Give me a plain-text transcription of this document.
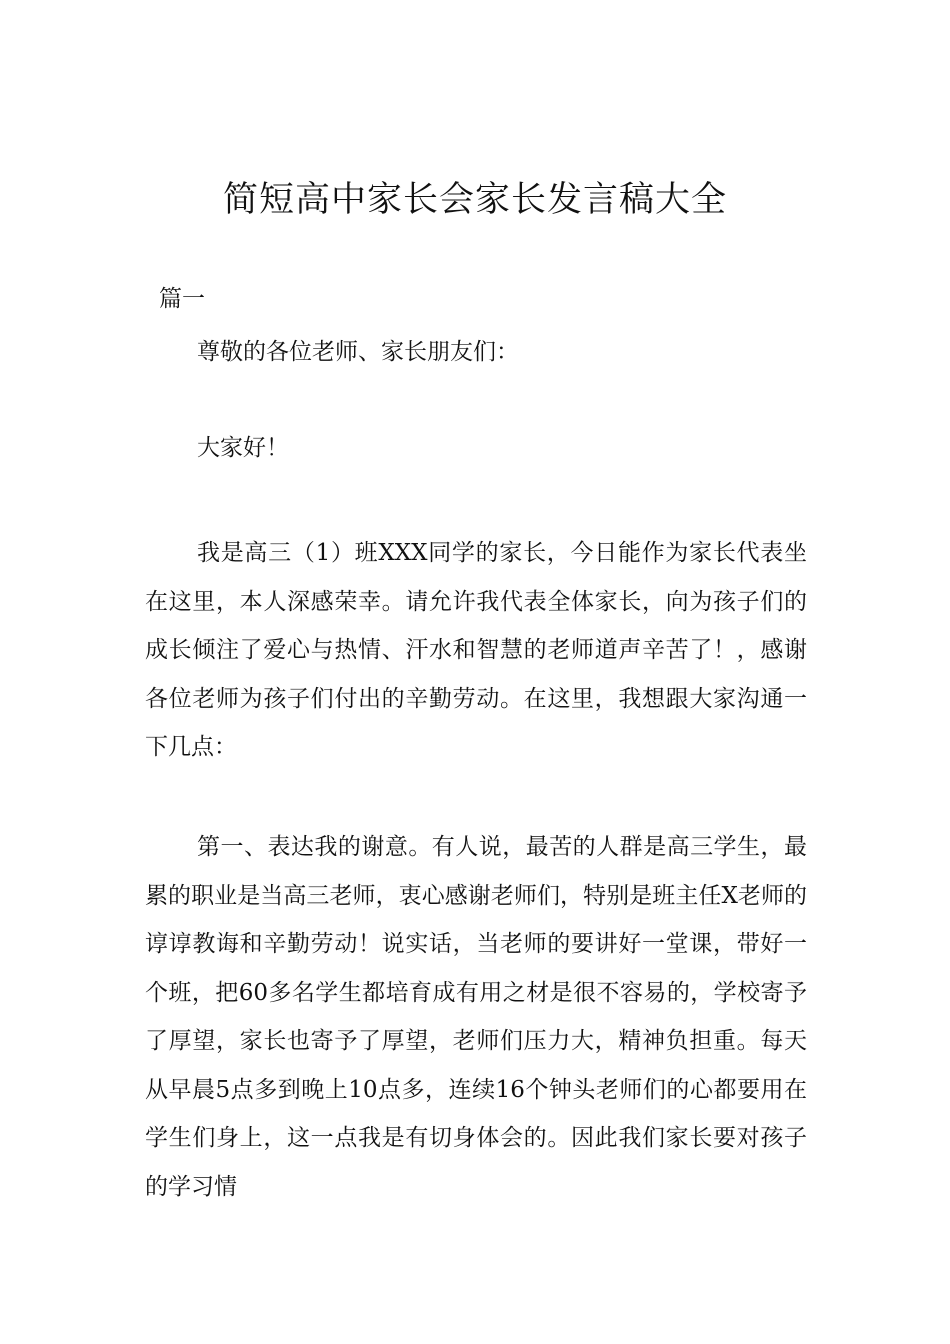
简短高中家长会家长发言稿大全
篇一
尊敬的各位老师、家长朋友们：
大家好！

我是高三（1）班XXX同学的家长，今日能作为家长代表坐在这里，本人深感荣幸。请允许我代表全体家长，向为孩子们的成长倾注了爱心与热情、汗水和智慧的老师道声辛苦了！，感谢各位老师为孩子们付出的辛勤劳动。在这里，我想跟大家沟通一下几点：

第一、表达我的谢意。有人说，最苦的人群是高三学生，最累的职业是当高三老师，衷心感谢老师们，特别是班主任X老师的谆谆教诲和辛勤劳动！说实话，当老师的要讲好一堂课，带好一个班，把60多名学生都培育成有用之材是很不容易的，学校寄予了厚望，家长也寄予了厚望，老师们压力大，精神负担重。每天从早晨5点多到晚上10点多，连续16个钟头老师们的心都要用在学生们身上，这一点我是有切身体会的。因此我们家长要对孩子的学习情
